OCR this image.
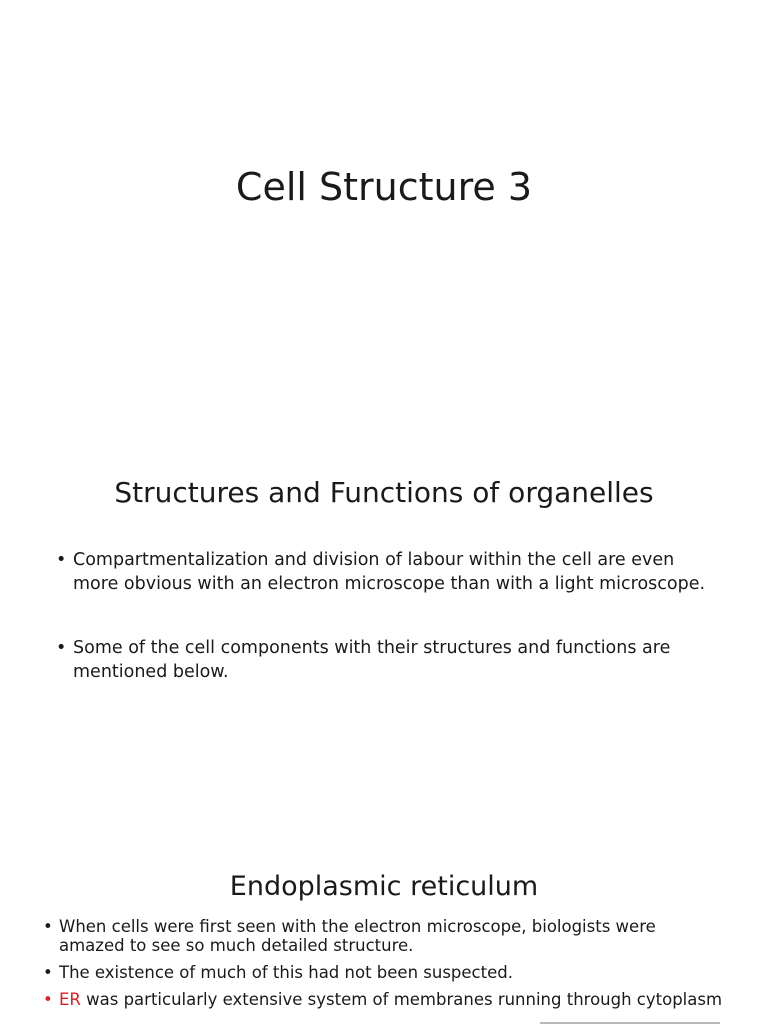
Cell Structure 3
Structures and Functions of organelles
• Compartmentalization and division of labour within the cell are even more obvious with an electron microscope than with a light microscope.
• Some of the cell components with their structures and functions are mentioned below.
Endoplasmic reticulum
• When cells were first seen with the electron microscope, biologists were amazed to see so much detailed structure.
• The existence of much of this had not been suspected.
• ER was particularly extensive system of membranes running through cytoplasm
